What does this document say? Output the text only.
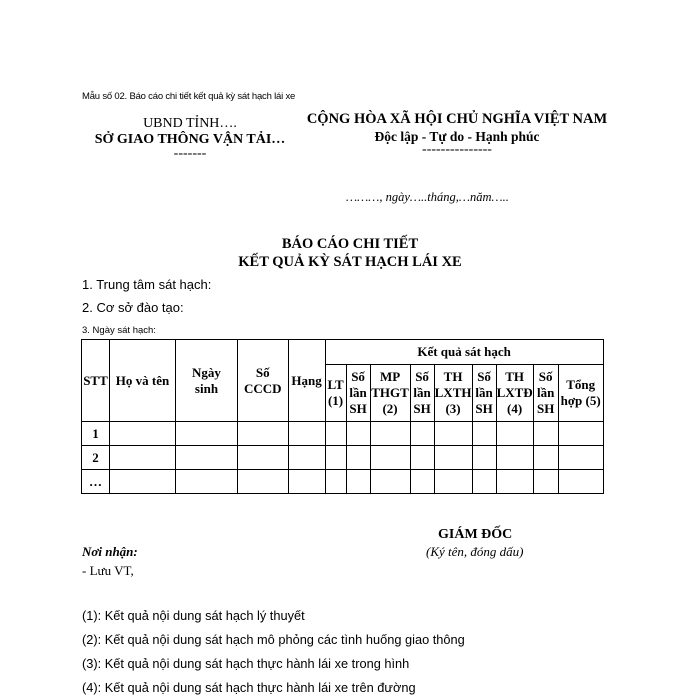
Mẫu số 02. Báo cáo chi tiết kết quả kỳ sát hạch lái xe
UBND TỈNH….
SỞ GIAO THÔNG VẬN TẢI…
-------
CỘNG HÒA XÃ HỘI CHỦ NGHĨA VIỆT NAM
Độc lập - Tự do - Hạnh phúc
---------------
………, ngày…..tháng,…năm…..
BÁO CÁO CHI TIẾT
KẾT QUẢ KỲ SÁT HẠCH LÁI XE
1. Trung tâm sát hạch:
2. Cơ sở đào tạo:
3. Ngày sát hạch:
STT	Họ và tên	Ngày sinh	Số CCCD	Hạng	Kết quả sát hạch								
					LT (1)	Số lần SH	MP THGT (2)	Số lần SH	TH LXTH (3)	Số lần SH	TH LXTĐ (4)	Số lần SH	Tổng hợp (5)
1													
2													
…													
GIÁM ĐỐC
(Ký tên, đóng dấu)
Nơi nhận:
- Lưu VT,
(1): Kết quả nội dung sát hạch lý thuyết
(2): Kết quả nội dung sát hạch mô phỏng các tình huống giao thông
(3): Kết quả nội dung sát hạch thực hành lái xe trong hình
(4): Kết quả nội dung sát hạch thực hành lái xe trên đường
